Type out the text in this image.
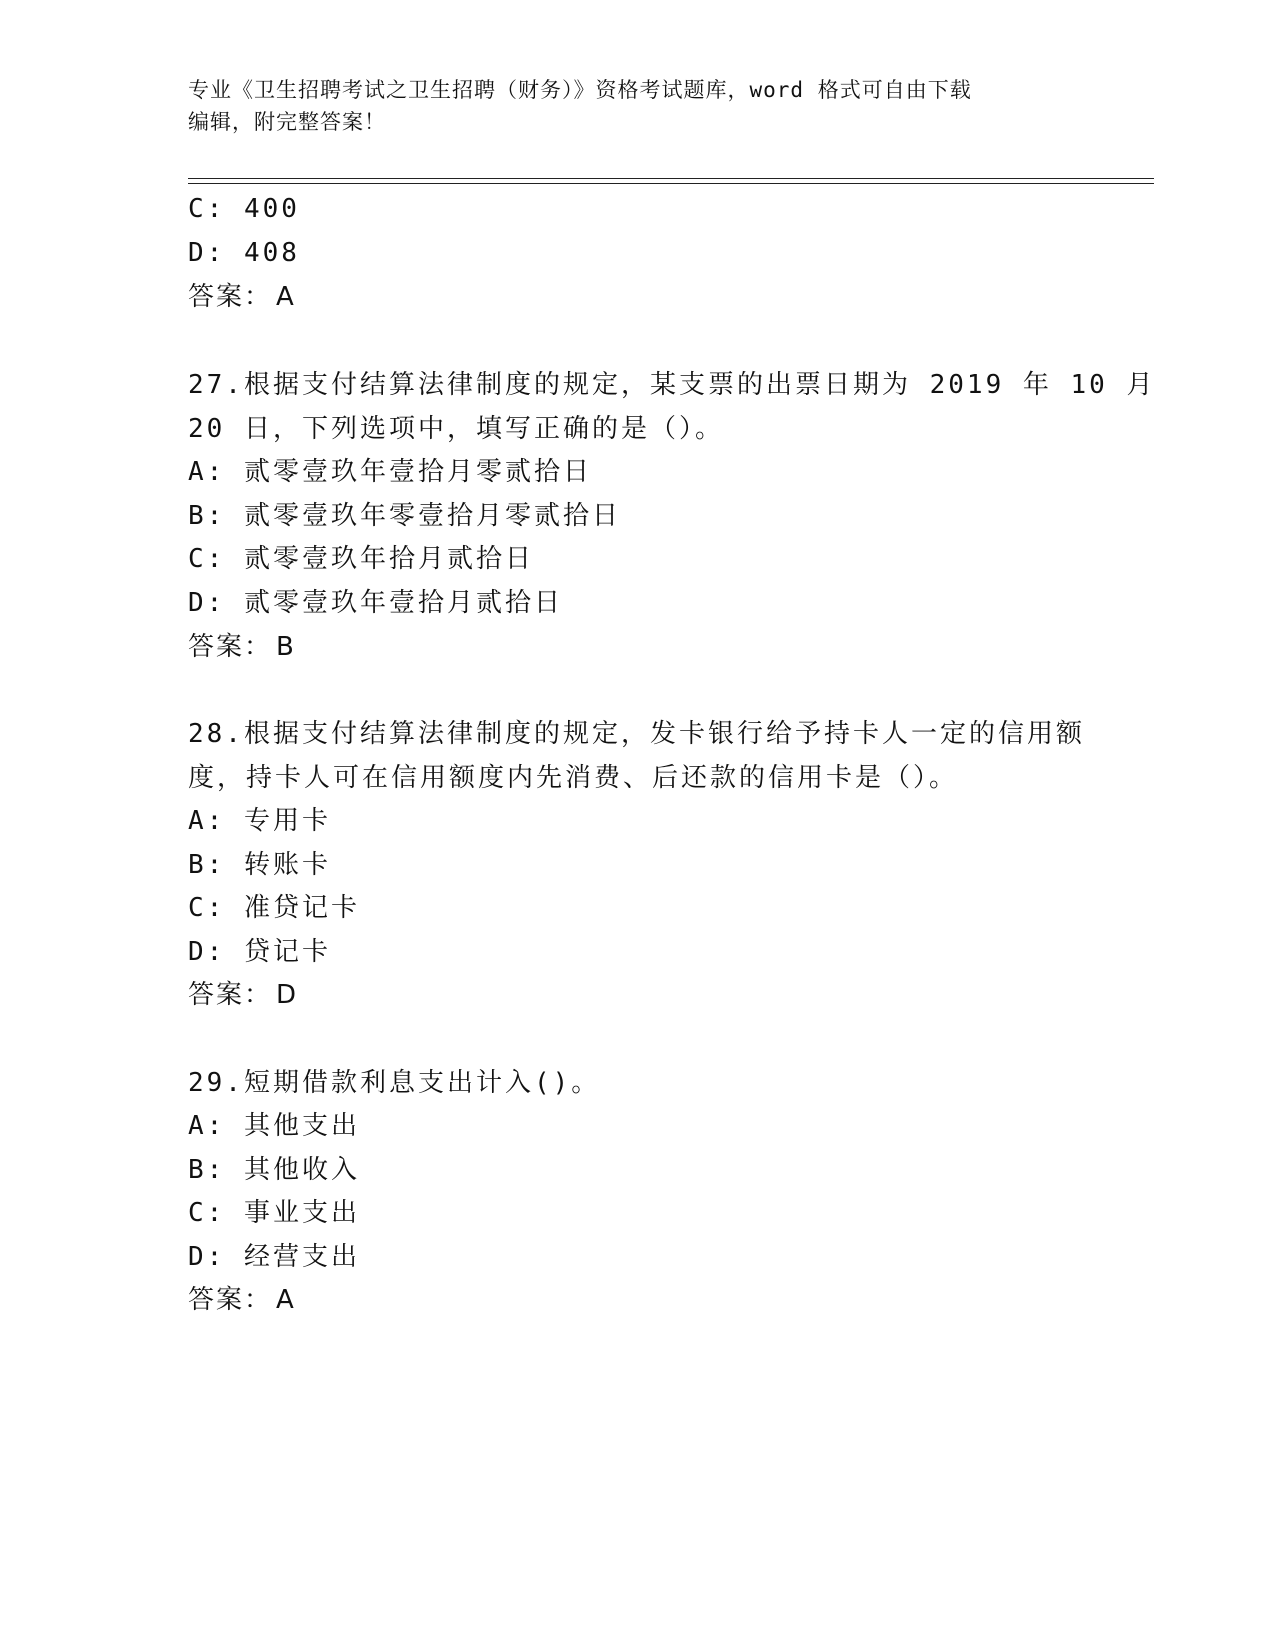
专业《卫生招聘考试之卫生招聘（财务）》资格考试题库，word 格式可自由下载
编辑，附完整答案！
C: 400
D: 408
答案： A
27.根据支付结算法律制度的规定，某支票的出票日期为 2019 年 10 月
20 日，下列选项中，填写正确的是（）。
A: 贰零壹玖年壹拾月零贰拾日
B: 贰零壹玖年零壹拾月零贰拾日
C: 贰零壹玖年拾月贰拾日
D: 贰零壹玖年壹拾月贰拾日
答案： B
28.根据支付结算法律制度的规定，发卡银行给予持卡人一定的信用额
度，持卡人可在信用额度内先消费、后还款的信用卡是（）。
A: 专用卡
B: 转账卡
C: 准贷记卡
D: 贷记卡
答案： D
29.短期借款利息支出计入()。
A: 其他支出
B: 其他收入
C: 事业支出
D: 经营支出
答案： A
